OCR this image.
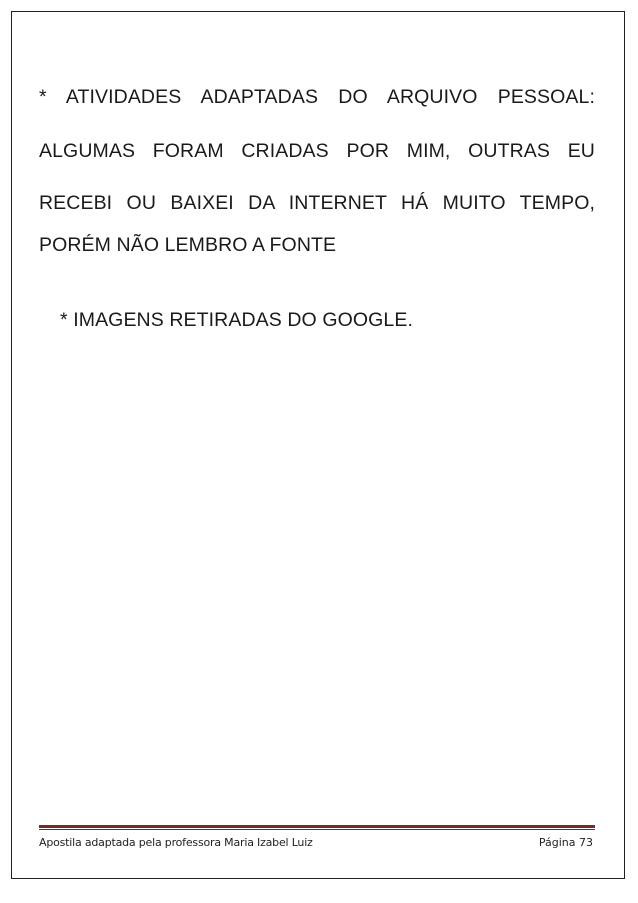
* ATIVIDADES ADAPTADAS DO ARQUIVO PESSOAL:
ALGUMAS FORAM CRIADAS POR MIM, OUTRAS EU
RECEBI OU BAIXEI DA INTERNET HÁ MUITO TEMPO,
PORÉM NÃO LEMBRO A FONTE
* IMAGENS RETIRADAS DO GOOGLE.
Apostila adaptada pela professora Maria Izabel Luiz	Página 73
